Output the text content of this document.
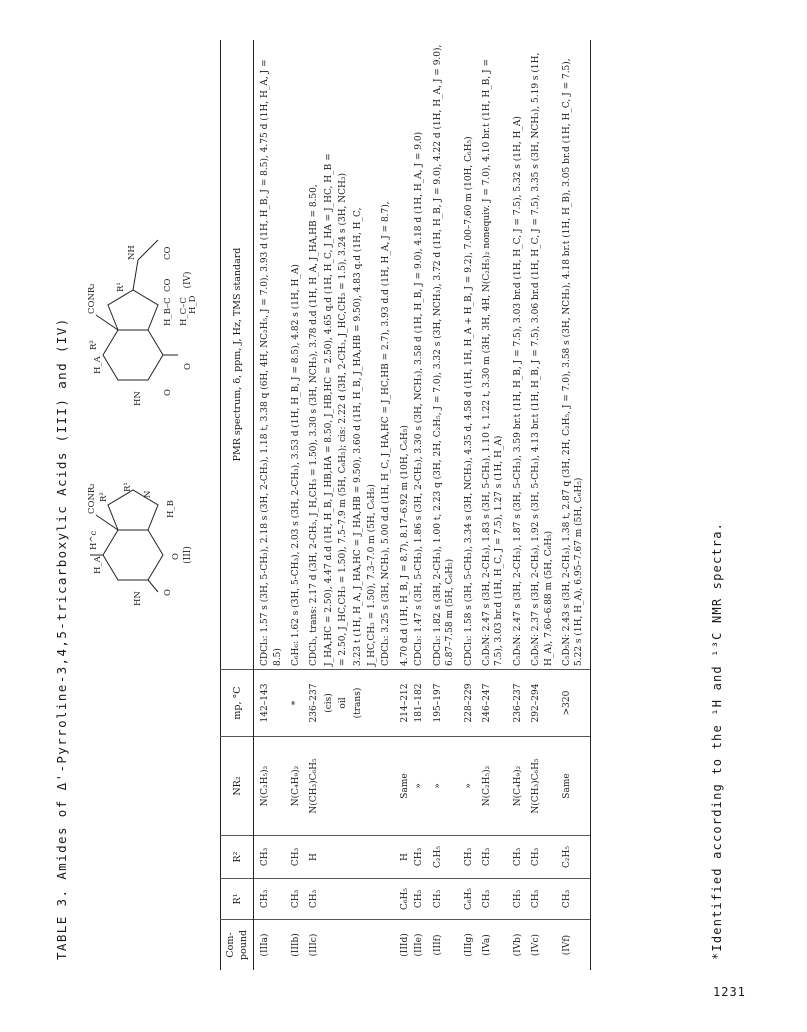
TABLE 3. Amides of Δ'-Pyrroline-3,4,5-tricarboxylic Acids (III) and (IV)	H_A
H^c
CONR₂	R¹
H_B
HN O
O
R²	N
(III)
H_A
R²
CONR₂ R¹
HN O
O
H_B–C
CO
NH
H_C–C
CO
H_D
(IV)
Com-pound	R¹	R²	NR₂	mp, °C	PMR spectrum, δ, ppm, J, Hz, TMS standard
(IIIa)	CH₃	CH₃	N(C₂H₅)₂	142–143	CDCl₃: 1.57 s (3H, 5-CH₃), 2.18 s (3H, 2-CH₃), 1.18 t, 3.38 q (6H, 4H, NC₂H₅, J = 7.0), 3.93 d (1H, H_B, J = 8.5), 4.75 d (1H, H_A, J = 8.5)
(IIIb)	CH₃	CH₃	N(C₄H₉)₂	*	C₆H₆: 1.62 s (3H, 5-CH₃), 2.03 s (3H, 2-CH₃), 3.53 d (1H, H_B, J = 8.5), 4.82 s (1H, H_A)
(IIIc)	CH₃	H	N(CH₃)C₆H₅	236–237	CDCl₃, trans: 2.17 d (3H, 2-CH₃, J_H,CH₃ = 1.50), 3.30 s (3H, NCH₃), 3.78 d.d (1H, H_A, J_HA,HB = 8.50,
				(cis)	J_HA,HC = 2.50), 4.47 d.d (1H, H_B, J_HB,HA = 8.50, J_HB,HC = 2.50), 4.65 q.d (1H, H_C, J_HA = J_HC, H_B =
				oil	= 2.50, J_HC,CH₃ = 1.50), 7.5–7.9 m (5H, C₆H₅); cis: 2.22 d (3H, 2-CH₃, J_HC,CH₃ = 1.5), 3.24 s (3H, NCH₃)
				(trans)	3.23 t (1H, H_A, J_HA,HC = J_HA,HB = 9.50), 3.60 d (1H, H_B, J_HA,HB = 9.50), 4.83 q.d (1H, H_C,
					J_HC,CH₃ = 1.50), 7.3–7.0 m (5H, C₆H₅)
					CDCl₃: 3.25 s (3H, NCH₃), 5.00 d.d (1H, H_C, J_HA,HC = J_HC,HB = 2.7), 3.93 d.d (1H, H_A, J = 8.7),
(IIId)	C₆H₅	H	Same	214–212	4.70 d.d (1H, H_B, J = 8.7), 8.17–6.92 m (10H, C₆H₅)
(IIIe)	CH₃	CH₃	»	181–182	CDCl₃: 1.47 s (3H, 5-CH₃), 1.86 s (3H, 2-CH₃), 3.30 s (3H, NCH₃), 3.58 d (1H, H_B, J = 9.0), 4.18 d (1H, H_A, J = 9.0)
(IIIf)	CH₃	C₂H₅	»	195–197	CDCl₃: 1.82 s (3H, 2-CH₃), 1.00 t, 2.23 q (3H, 2H, C₂H₅, J = 7.0), 3.32 s (3H, NCH₃), 3.72 d (1H, H_B, J = 9.0), 4.22 d (1H, H_A, J = 9.0), 6.87–7.58 m (5H, C₆H₅)
(IIIg)	C₆H₅	CH₃	»	228–229	CDCl₃: 1.58 s (3H, 5-CH₃), 3.34 s (3H, NCH₃), 4.35 d, 4.58 d (1H, 1H, H_A + H_B, J = 9.2), 7.00–7.60 m (10H, C₆H₅)
(IVa)	CH₃	CH₃	N(C₂H₅)₂	246–247	C₅D₅N: 2.47 s (3H, 2-CH₃), 1.83 s (3H, 5-CH₃), 1.10 t, 1.22 t, 3.30 m (3H, 3H, 4H, N(C₂H₅)₂ nonequiv. J = 7.0), 4.10 br.t (1H, H_B, J = 7.5), 3.03 br.d (1H, H_C, J = 7.5), 1.27 s (1H, H_A)
(IVb)	CH₃	CH₃	N(C₄H₉)₂	236–237	C₅D₅N: 2.47 s (3H, 2-CH₃), 1.87 s (3H, 5-CH₃), 3.59 br.t (1H, H_B, J = 7.5), 3.03 br.d (1H, H_C, J = 7.5), 5.32 s (1H, H_A)
(IVc)	CH₃	CH₃	N(CH₃)C₆H₅	292–294	C₅D₅N: 2.37 s (3H, 2-CH₃), 1.92 s (3H, 5-CH₃), 4.13 br.t (1H, H_B, J = 7.5), 3.06 br.d (1H, H_C, J = 7.5), 3.35 s (3H, NCH₃), 5.19 s (1H, H_A), 7.60–6.88 m (5H, C₆H₅)
(IVf)	CH₃	C₂H₅	Same	>320	C₅D₅N: 2.43 s (3H, 2-CH₃), 1.38 t, 2.87 q (3H, 2H, C₂H₅, J = 7.0), 3.58 s (3H, NCH₃), 4.18 br.t (1H, H_B), 3.05 br.d (1H, H_C, J = 7.5), 5.22 s (1H, H_A), 6.95–7.67 m (5H, C₆H₅)	*Identified according to the ¹H and ¹³C NMR spectra.
1231
